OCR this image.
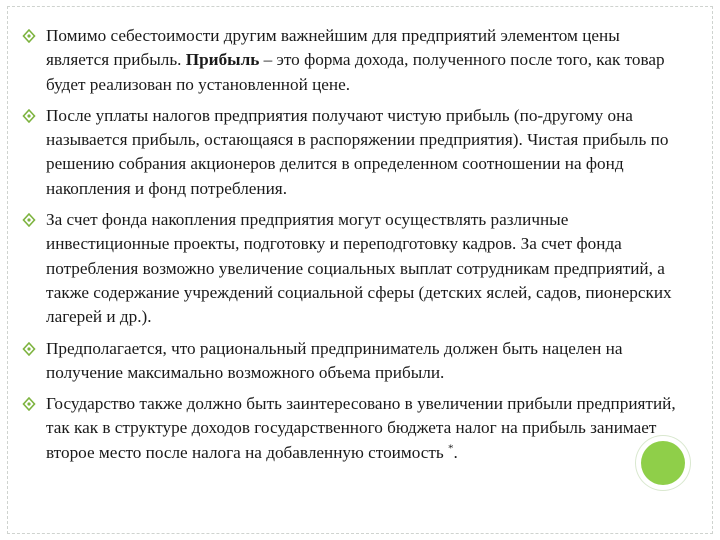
Помимо себестоимости другим важнейшим для предприятий элементом цены является прибыль. Прибыль – это форма дохода, полученного после того, как товар будет реализован по установленной цене.
После уплаты налогов предприятия получают чистую прибыль (по-другому она называется прибыль, остающаяся в распоряжении предприятия). Чистая прибыль по решению собрания акционеров делится в определенном соотношении на фонд накопления и фонд потребления.
За счет фонда накопления предприятия могут осуществлять различные инвестиционные проекты, подготовку и переподготовку кадров. За счет фонда потребления возможно увеличение социальных выплат сотрудникам предприятий, а также содержание учреждений социальной сферы (детских яслей, садов, пионерских лагерей и др.).
Предполагается, что рациональный предприниматель должен быть нацелен на получение максимально возможного объема прибыли.
Государство также должно быть заинтересовано в увеличении прибыли предприятий, так как в структуре доходов государственного бюджета налог на прибыль занимает второе место после налога на добавленную стоимость *.
